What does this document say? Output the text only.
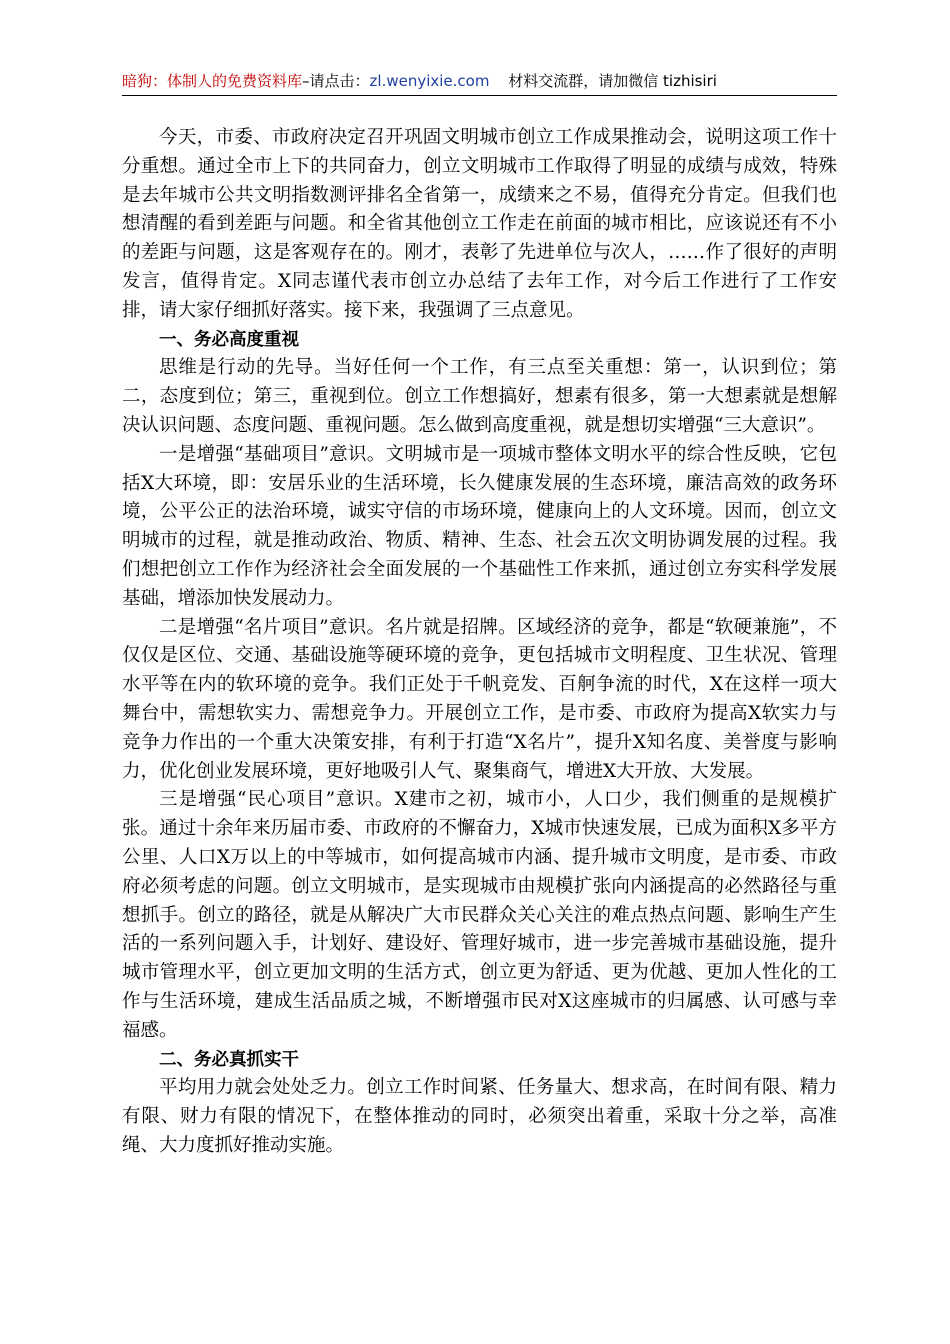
暗狗：体制人的免费资料库–请点击：zl.wenyixie.com 材料交流群，请加微信 tizhisiri

今天，市委、市政府决定召开巩固文明城市创立工作成果推动会，说明这项工作十分重想。通过全市上下的共同奋力，创立文明城市工作取得了明显的成绩与成效，特殊是去年城市公共文明指数测评排名全省第一，成绩来之不易，值得充分肯定。但我们也想清醒的看到差距与问题。和全省其他创立工作走在前面的城市相比，应该说还有不小的差距与问题，这是客观存在的。刚才，表彰了先进单位与次人，……作了很好的声明发言，值得肯定。X同志谨代表市创立办总结了去年工作，对今后工作进行了工作安排，请大家仔细抓好落实。接下来，我强调了三点意见。

一、务必高度重视

思维是行动的先导。当好任何一个工作，有三点至关重想：第一，认识到位；第二，态度到位；第三，重视到位。创立工作想搞好，想素有很多，第一大想素就是想解决认识问题、态度问题、重视问题。怎么做到高度重视，就是想切实增强“三大意识”。

一是增强“基础项目”意识。文明城市是一项城市整体文明水平的综合性反映，它包括X大环境，即：安居乐业的生活环境，长久健康发展的生态环境，廉洁高效的政务环境，公平公正的法治环境，诚实守信的市场环境，健康向上的人文环境。因而，创立文明城市的过程，就是推动政治、物质、精神、生态、社会五次文明协调发展的过程。我们想把创立工作作为经济社会全面发展的一个基础性工作来抓，通过创立夯实科学发展基础，增添加快发展动力。

二是增强“名片项目”意识。名片就是招牌。区域经济的竞争，都是“软硬兼施”，不仅仅是区位、交通、基础设施等硬环境的竞争，更包括城市文明程度、卫生状况、管理水平等在内的软环境的竞争。我们正处于千帆竞发、百舸争流的时代，X在这样一项大舞台中，需想软实力、需想竞争力。开展创立工作，是市委、市政府为提高X软实力与竞争力作出的一个重大决策安排，有利于打造“X名片”，提升X知名度、美誉度与影响力，优化创业发展环境，更好地吸引人气、聚集商气，增进X大开放、大发展。

三是增强“民心项目”意识。X建市之初，城市小，人口少，我们侧重的是规模扩张。通过十余年来历届市委、市政府的不懈奋力，X城市快速发展，已成为面积X多平方公里、人口X万以上的中等城市，如何提高城市内涵、提升城市文明度，是市委、市政府必须考虑的问题。创立文明城市，是实现城市由规模扩张向内涵提高的必然路径与重想抓手。创立的路径，就是从解决广大市民群众关心关注的难点热点问题、影响生产生活的一系列问题入手，计划好、建设好、管理好城市，进一步完善城市基础设施，提升城市管理水平，创立更加文明的生活方式，创立更为舒适、更为优越、更加人性化的工作与生活环境，建成生活品质之城，不断增强市民对X这座城市的归属感、认可感与幸福感。

二、务必真抓实干

平均用力就会处处乏力。创立工作时间紧、任务量大、想求高，在时间有限、精力有限、财力有限的情况下，在整体推动的同时，必须突出着重，采取十分之举，高准绳、大力度抓好推动实施。
